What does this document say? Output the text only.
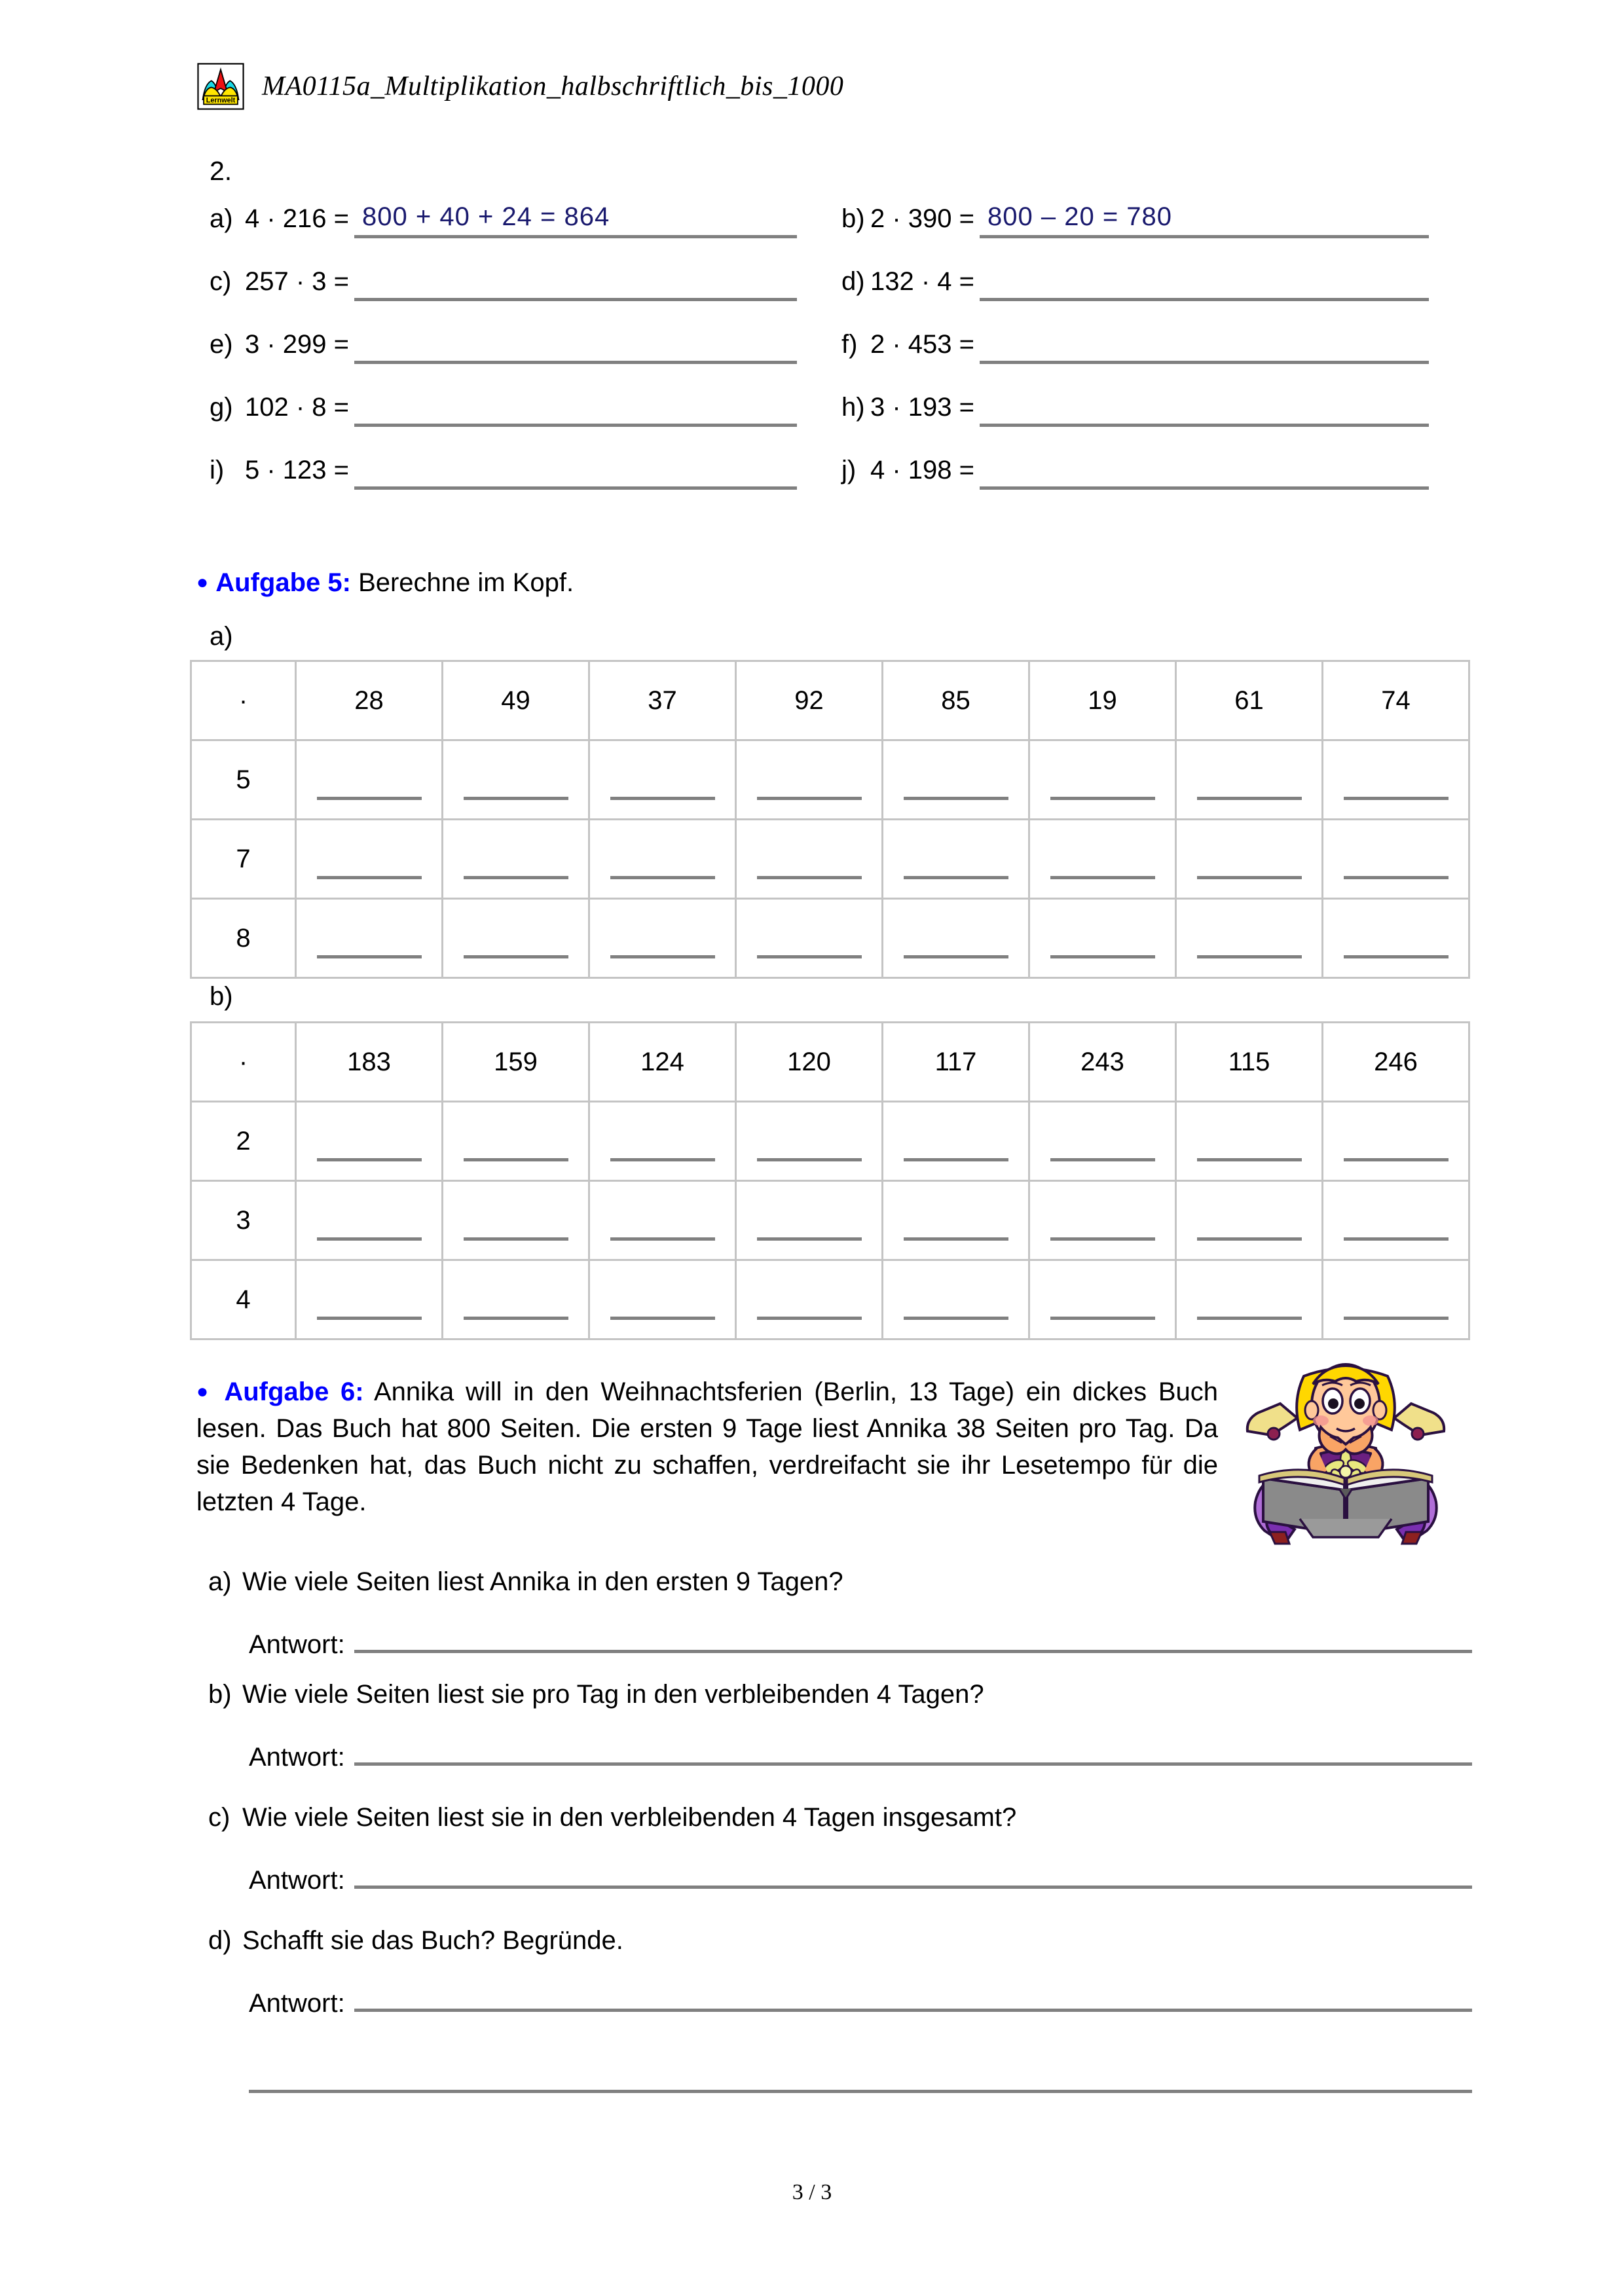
Lernwelt MA0115a_Multiplikation_halbschriftlich_bis_1000
2.
a) 4 · 216 = 800 + 40 + 24 = 864	b) 2 · 390 = 800 – 20 = 780
c) 257 · 3 =	d) 132 · 4 =
e) 3 · 299 =	f) 2 · 453 =
g) 102 · 8 =	h) 3 · 193 =
i) 5 · 123 =	j) 4 · 198 =
● Aufgabe 5: Berechne im Kopf.
a)
·	28	49	37	92	85	19	61	74
5	

7	

8	

b)
·	183	159	124	120	117	243	115	246
2	

3	

4	

● Aufgabe 6: Annika will in den Weihnachtsferien (Berlin, 13 Tage) ein dickes Buch lesen. Das Buch hat 800 Seiten. Die ersten 9 Tage liest Annika 38 Seiten pro Tag. Da sie Bedenken hat, das Buch nicht zu schaffen, verdreifacht sie ihr Lesetempo für die letzten 4 Tage.
a) Wie viele Seiten liest Annika in den ersten 9 Tagen?
Antwort:
b) Wie viele Seiten liest sie pro Tag in den verbleibenden 4 Tagen?
Antwort:
c) Wie viele Seiten liest sie in den verbleibenden 4 Tagen insgesamt?
Antwort:
d) Schafft sie das Buch? Begründe.
Antwort:
3 / 3
